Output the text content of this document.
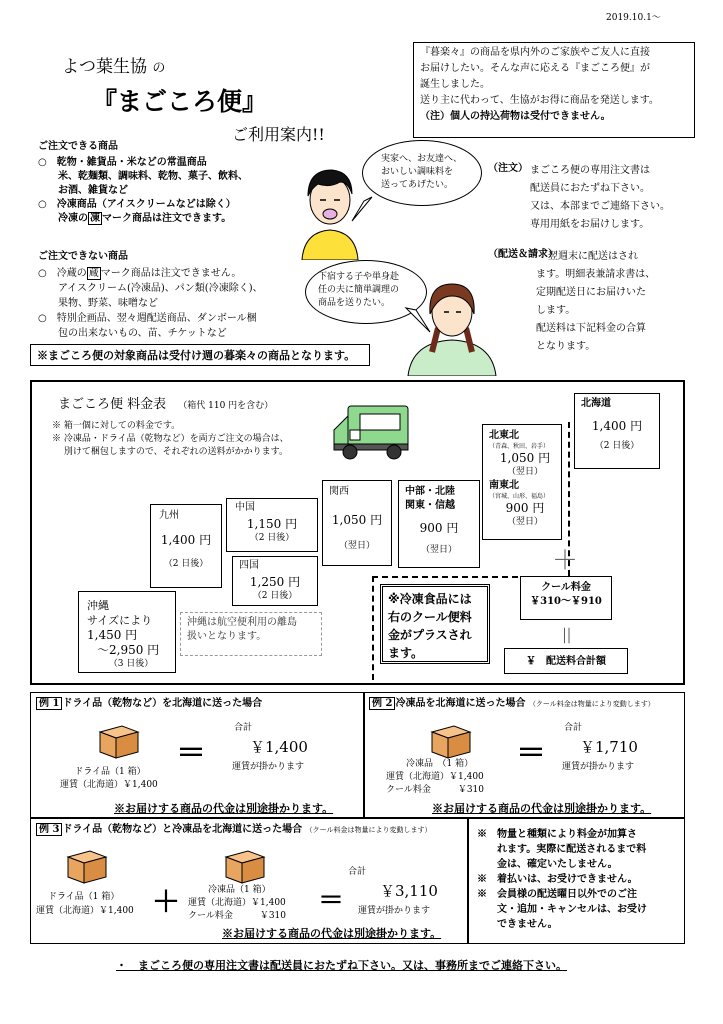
2019.10.1～
よつ葉生協 の
『まごころ便』
ご利用案内!!
『暮楽々』の商品を県内外のご家族やご友人に直接
お届けしたい。そんな声に応える『まごころ便』が
誕生しました。
送り主に代わって、生協がお得に商品を発送します。
（注）個人の持込荷物は受付できません。
ご注文できる商品
○　乾物・雑貨品・米などの常温商品
　　米、乾麺類、調味料、乾物、菓子、飲料、
　　お酒、雑貨など
○　冷凍商品（アイスクリームなどは除く）
　　冷凍の 凍 マーク商品は注文できます。
ご注文できない商品
○　冷蔵の 蔵 マーク商品は注文できません。
　　アイスクリーム(冷凍品)、パン類(冷凍除く)、
　　果物、野菜、味噌など
○　特別企画品、翌々週配送商品、ダンボール梱
　　包の出来ないもの、苗、チケットなど
※まごころ便の対象商品は受付け週の暮楽々の商品となります。
実家へ、お友達へ、
おいしい調味料を
送ってあげたい。
下宿する子や単身赴
任の夫に簡単調理の
商品を送りたい。
（注文） まごころ便の専用注文書は
配送員におたずね下さい。
又は、本部までご連絡下さい。
専用用紙をお届けします。
（配送＆請求）
翌週末に配送はされ
ます。明細表兼請求書は、
定期配送日にお届けいた
します。
配送料は下記料金の合算
となります。
まごころ便 料金表 （箱代 110 円を含む）
※ 箱一個に対しての料金です。
※ 冷凍品・ドライ品（乾物など）を両方ご注文の場合は、
　 別けて梱包しますので、それぞれの送料がかかります。
沖縄
サイズにより
1,450 円
～2,950 円
（3 日後）
九州
1,400 円
（2 日後）
中国
1,150 円
（2 日後）
四国
1,250 円
（2 日後）
関西
1,050 円
（翌日）
中部・北陸
関東・信越
900 円
（翌日）
北東北
（青森、秋田、岩手）
1,050 円
（翌日）
南東北
（宮城、山形、福島）
900 円
（翌日）
北海道
1,400 円
（2 日後）
沖縄は航空便利用の離島
扱いとなります。
※冷凍食品には
右のクール便料
金がプラスされ
ます。
＋
クール料金
￥310～￥910
＝
￥　配送料合計額
例 1 ドライ品（乾物など）を北海道に送った場合
ドライ品（1 箱）
運賃（北海道）￥1,400
＝
合計
￥1,400
運賃が掛かります
※お届けする商品の代金は別途掛かります。
例 2 冷凍品を北海道に送った場合 （クール料金は物量により変動します）
冷凍品　（1 箱）
運賃（北海道）￥1,400
クール料金　　　￥310
＝
合計
￥1,710
運賃が掛かります
※お届けする商品の代金は別途掛かります。
例 3 ドライ品（乾物など）と冷凍品を北海道に送った場合 （クール料金は物量により変動します）
ドライ品（1 箱）
運賃（北海道）￥1,400 ＋	冷凍品（1 箱）
運賃（北海道）￥1,400
クール料金　　　￥310 ＝
合計
￥3,110
運賃が掛かります
※お届けする商品の代金は別途掛かります。
※　物量と種類により料金が加算さ
　　れます。実際に配送されるまで料
　　金は、確定いたしません。
※　着払いは、お受けできません。
※　会員様の配送曜日以外でのご注
　　文・追加・キャンセルは、お受け
　　できません。
・　まごころ便の専用注文書は配送員におたずね下さい。又は、事務所までご連絡下さい。
